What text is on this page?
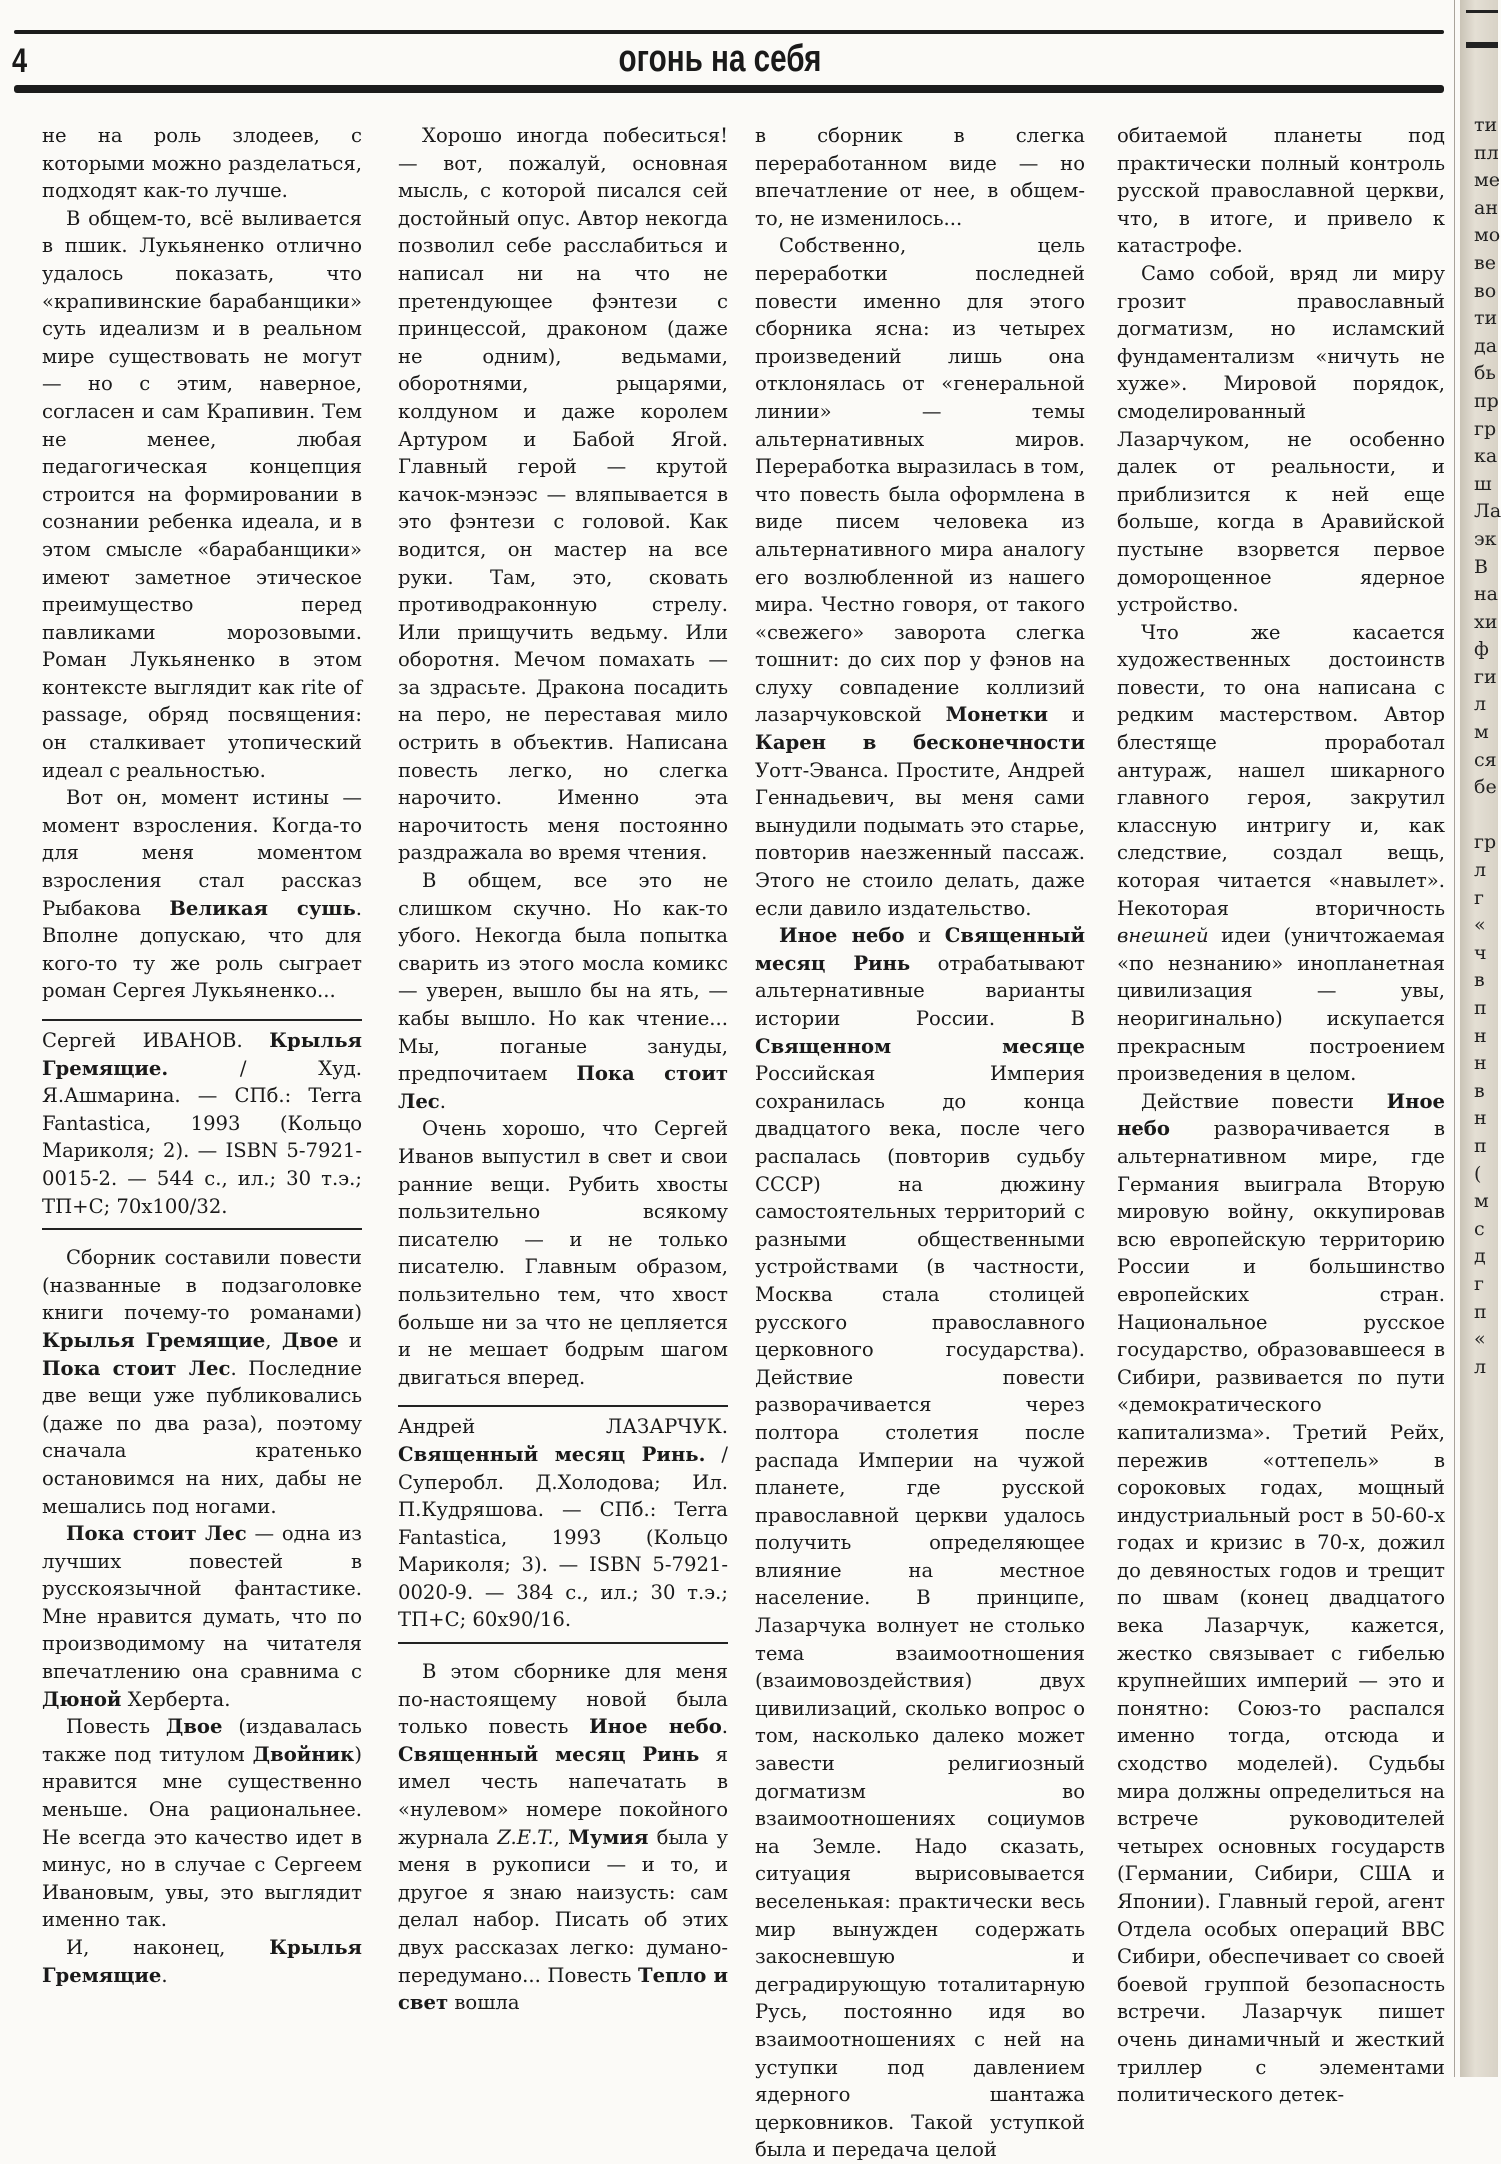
4	огонь на себя

не на роль злодеев, с которыми можно разделаться, подходят как-то лучше.

В общем-то, всё выливается в пшик. Лукьяненко отлично удалось показать, что «крапивинские барабанщики» суть идеализм и в реальном мире существовать не могут — но с этим, наверное, согласен и сам Крапивин. Тем не менее, любая педагогическая концепция строится на формировании в сознании ребенка идеала, и в этом смысле «барабанщики» имеют заметное этическое преимущество перед павликами морозовыми. Роман Лукьяненко в этом контексте выглядит как rite of passage, обряд посвящения: он сталкивает утопический идеал с реальностью.

Вот он, момент истины — момент взросления. Когда-то для меня моментом взросления стал рассказ Рыбакова Великая сушь. Вполне допускаю, что для кого-то ту же роль сыграет роман Сергея Лукьяненко...

Сергей ИВАНОВ. Крылья Гремящие. / Худ. Я.Ашмарина. — СПб.: Terra Fantastica, 1993 (Кольцо Мариколя; 2). — ISBN 5-7921-0015-2. — 544 с., ил.; 30 т.э.; ТП+С; 70x100/32.

Сборник составили повести (названные в подзаголовке книги почему-то романами) Крылья Гремящие, Двое и Пока стоит Лес. Последние две вещи уже публиковались (даже по два раза), поэтому сначала кратенько остановимся на них, дабы не мешались под ногами.

Пока стоит Лес — одна из лучших повестей в русскоязычной фантастике. Мне нравится думать, что по производимому на читателя впечатлению она сравнима с Дюной Херберта.

Повесть Двое (издавалась также под титулом Двойник) нравится мне существенно меньше. Она рациональнее. Не всегда это качество идет в минус, но в случае с Сергеем Ивановым, увы, это выглядит именно так.

И, наконец, Крылья Гремящие.

Хорошо иногда побеситься! — вот, пожалуй, основная мысль, с которой писался сей достойный опус. Автор некогда позволил себе расслабиться и написал ни на что не претендующее фэнтези с принцессой, драконом (даже не одним), ведьмами, оборотнями, рыцарями, колдуном и даже королем Артуром и Бабой Ягой. Главный герой — крутой качок-мэнээс — вляпывается в это фэнтези с головой. Как водится, он мастер на все руки. Там, это, сковать противодраконную стрелу. Или прищучить ведьму. Или оборотня. Мечом помахать — за здрасьте. Дракона посадить на перо, не переставая мило острить в объектив. Написана повесть легко, но слегка нарочито. Именно эта нарочитость меня постоянно раздражала во время чтения.

В общем, все это не слишком скучно. Но как-то убого. Некогда была попытка сварить из этого мосла комикс — уверен, вышло бы на ять, — кабы вышло. Но как чтение... Мы, поганые зануды, предпочитаем Пока стоит Лес.

Очень хорошо, что Сергей Иванов выпустил в свет и свои ранние вещи. Рубить хвосты пользительно всякому писателю — и не только писателю. Главным образом, пользительно тем, что хвост больше ни за что не цепляется и не мешает бодрым шагом двигаться вперед.

Андрей ЛАЗАРЧУК. Священный месяц Ринь. / Суперобл. Д.Холодова; Ил. П.Кудряшова. — СПб.: Terra Fantastica, 1993 (Кольцо Мариколя; 3). — ISBN 5-7921-0020-9. — 384 с., ил.; 30 т.э.; ТП+С; 60x90/16.

В этом сборнике для меня по-настоящему новой была только повесть Иное небо. Священный месяц Ринь я имел честь напечатать в «нулевом» номере покойного журнала Z.E.T., Мумия была у меня в рукописи — и то, и другое я знаю наизусть: сам делал набор. Писать об этих двух рассказах легко: думано-передумано... Повесть Тепло и свет вошла

в сборник в слегка переработанном виде — но впечатление от нее, в общем-то, не изменилось...

Собственно, цель переработки последней повести именно для этого сборника ясна: из четырех произведений лишь она отклонялась от «генеральной линии» — темы альтернативных миров. Переработка выразилась в том, что повесть была оформлена в виде писем человека из альтернативного мира аналогу его возлюбленной из нашего мира. Честно говоря, от такого «свежего» заворота слегка тошнит: до сих пор у фэнов на слуху совпадение коллизий лазарчуковской Монетки и Карен в бесконечности Уотт-Эванса. Простите, Андрей Геннадьевич, вы меня сами вынудили подымать это старье, повторив наезженный пассаж. Этого не стоило делать, даже если давило издательство.

Иное небо и Священный месяц Ринь отрабатывают альтернативные варианты истории России. В Священном месяце Российская Империя сохранилась до конца двадцатого века, после чего распалась (повторив судьбу СССР) на дюжину самостоятельных территорий с разными общественными устройствами (в частности, Москва стала столицей русского православного церковного государства). Действие повести разворачивается через полтора столетия после распада Империи на чужой планете, где русской православной церкви удалось получить определяющее влияние на местное население. В принципе, Лазарчука волнует не столько тема взаимоотношения (взаимовоздействия) двух цивилизаций, сколько вопрос о том, насколько далеко может завести религиозный догматизм во взаимоотношениях социумов на Земле. Надо сказать, ситуация вырисовывается веселенькая: практически весь мир вынужден содержать закосневшую и деградирующую тоталитарную Русь, постоянно идя во взаимоотношениях с ней на уступки под давлением ядерного шантажа церковников. Такой уступкой была и передача целой

обитаемой планеты под практически полный контроль русской православной церкви, что, в итоге, и привело к катастрофе.

Само собой, вряд ли миру грозит православный догматизм, но исламский фундаментализм «ничуть не хуже». Мировой порядок, смоделированный Лазарчуком, не особенно далек от реальности, и приблизится к ней еще больше, когда в Аравийской пустыне взорвется первое доморощенное ядерное устройство.

Что же касается художественных достоинств повести, то она написана с редким мастерством. Автор блестяще проработал антураж, нашел шикарного главного героя, закрутил классную интригу и, как следствие, создал вещь, которая читается «навылет». Некоторая вторичность внешней идеи (уничтожаемая «по незнанию» инопланетная цивилизация — увы, неоригинально) искупается прекрасным построением произведения в целом.

Действие повести Иное небо разворачивается в альтернативном мире, где Германия выиграла Вторую мировую войну, оккупировав всю европейскую территорию России и большинство европейских стран. Национальное русское государство, образовавшееся в Сибири, развивается по пути «демократического капитализма». Третий Рейх, пережив «оттепель» в сороковых годах, мощный индустриальный рост в 50-60-х годах и кризис в 70-х, дожил до девяностых годов и трещит по швам (конец двадцатого века Лазарчук, кажется, жестко связывает с гибелью крупнейших империй — это и понятно: Союз-то распался именно тогда, отсюда и сходство моделей). Судьбы мира должны определиться на встрече руководителей четырех основных государств (Германии, Сибири, США и Японии). Главный герой, агент Отдела особых операций ВВС Сибири, обеспечивает со своей боевой группой безопасность встречи. Лазарчук пишет очень динамичный и жесткий триллер с элементами политического детек-

ти
пл
ме
ан
мо
ве
во
ти
да
бь
пр
гр
ка
ш
Ла
эк
В
на
хи
ф
ги
л
м
ся
бе

гр
л
г
«
ч
в
п
н
н
в
н
п
(
м
с
д
г
п
«
л
